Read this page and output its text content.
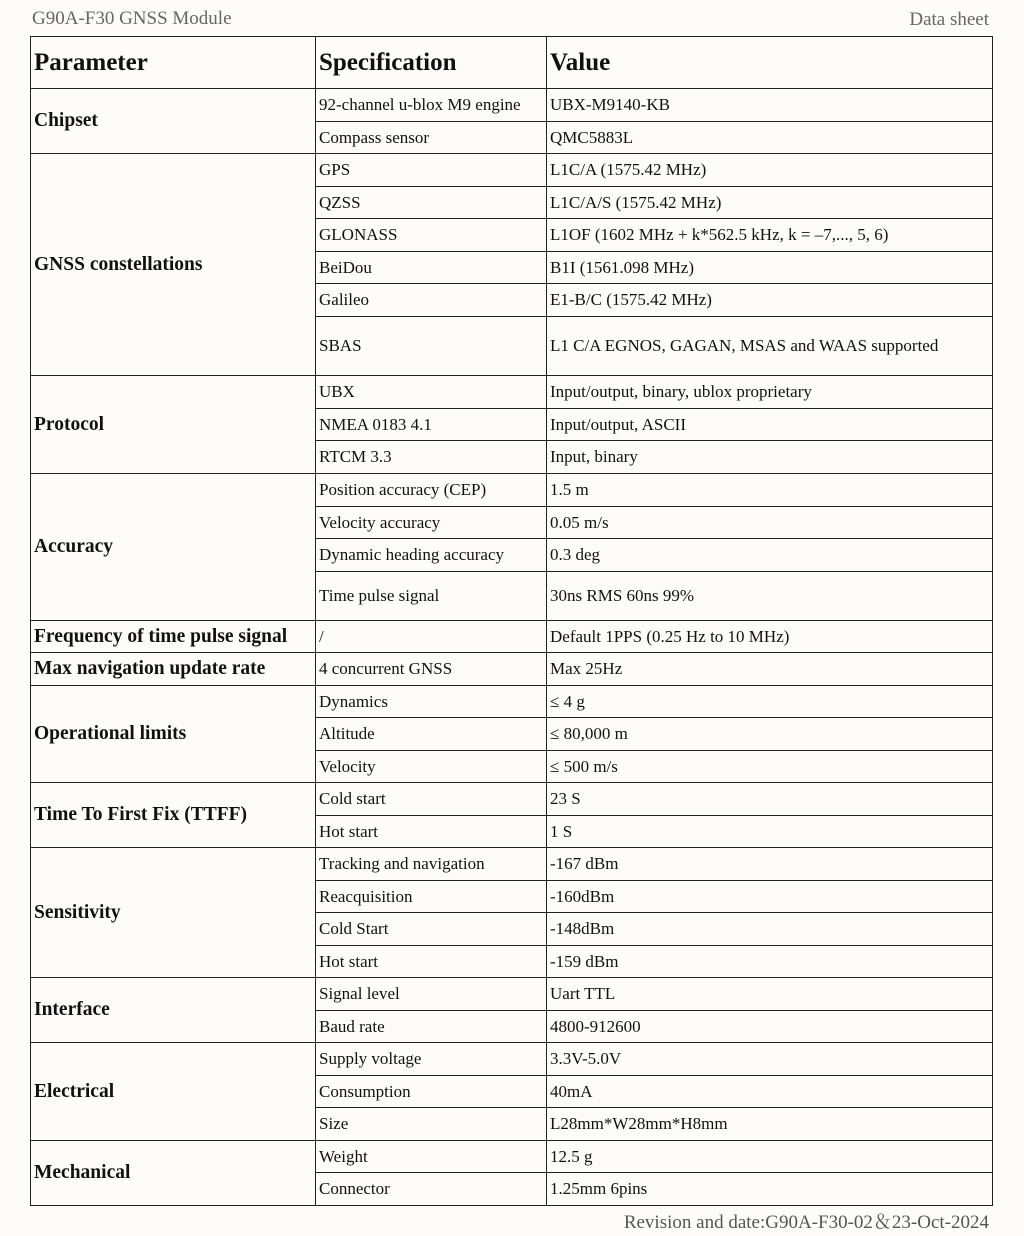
G90A-F30 GNSS Module	Data sheet
Parameter	Specification	Value
Chipset	92-channel u-blox M9 engine	UBX-M9140-KB
	Compass sensor	QMC5883L
GNSS constellations	GPS	L1C/A (1575.42 MHz)
	QZSS	L1C/A/S (1575.42 MHz)
	GLONASS	L1OF (1602 MHz + k*562.5 kHz, k = –7,..., 5, 6)
	BeiDou	B1I (1561.098 MHz)
	Galileo	E1-B/C (1575.42 MHz)
	SBAS	L1 C/A EGNOS, GAGAN, MSAS and WAAS supported
Protocol	UBX	Input/output, binary, ublox proprietary
	NMEA 0183 4.1	Input/output, ASCII
	RTCM 3.3	Input, binary
Accuracy	Position accuracy (CEP)	1.5 m
	Velocity accuracy	0.05 m/s
	Dynamic heading accuracy	0.3 deg
	Time pulse signal	30ns RMS 60ns 99%
Frequency of time pulse signal	/	Default 1PPS (0.25 Hz to 10 MHz)
Max navigation update rate	4 concurrent GNSS	Max 25Hz
Operational limits	Dynamics	≤ 4 g
	Altitude	≤ 80,000 m
	Velocity	≤ 500 m/s
Time To First Fix (TTFF)	Cold start	23 S
	Hot start	1 S
Sensitivity	Tracking and navigation	-167 dBm
	Reacquisition	-160dBm
	Cold Start	-148dBm
	Hot start	-159 dBm
Interface	Signal level	Uart TTL
	Baud rate	4800-912600
Electrical	Supply voltage	3.3V-5.0V
	Consumption	40mA
	Size	L28mm*W28mm*H8mm
Mechanical	Weight	12.5 g
	Connector	1.25mm 6pins
Revision and date:G90A-F30-02＆23-Oct-2024
